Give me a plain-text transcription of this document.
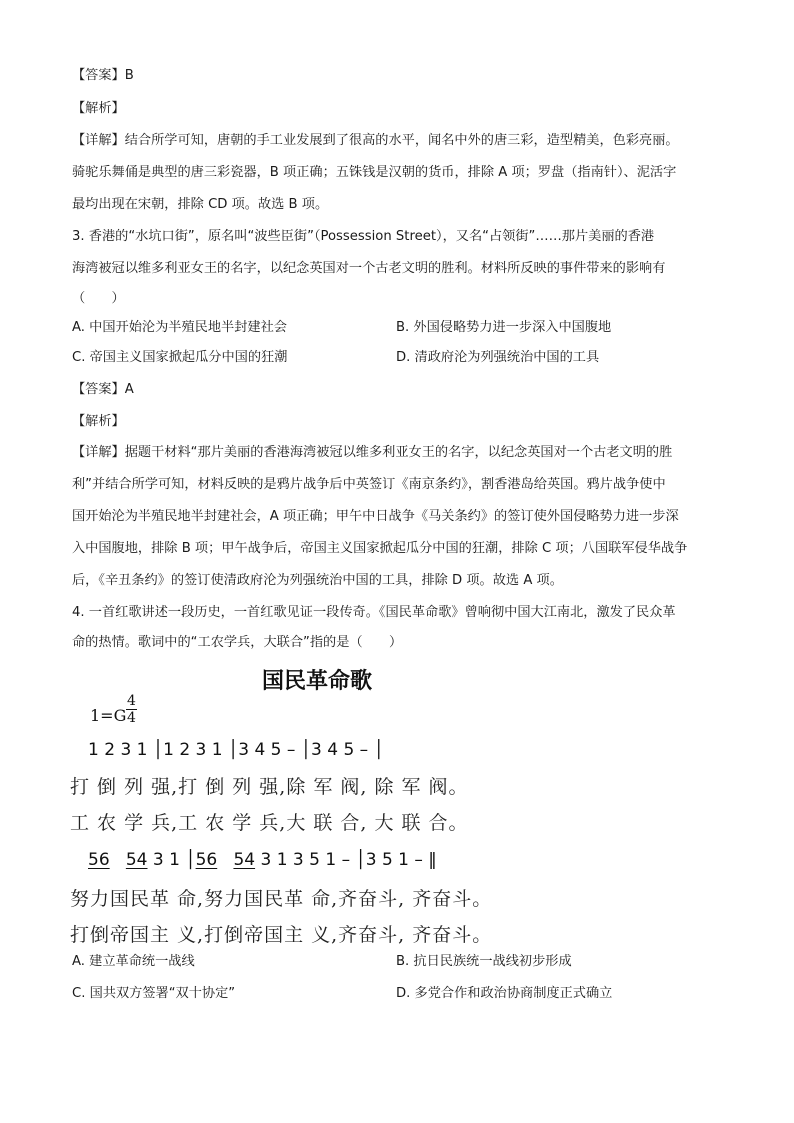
【答案】B
【解析】
【详解】结合所学可知，唐朝的手工业发展到了很高的水平，闻名中外的唐三彩，造型精美，色彩亮丽。
骑驼乐舞俑是典型的唐三彩瓷器，B 项正确；五铢钱是汉朝的货币，排除 A 项；罗盘（指南针）、泥活字
最均出现在宋朝，排除 CD 项。故选 B 项。
3. 香港的“水坑口街”，原名叫“波些臣街”（Possession Street），又名“占领街”……那片美丽的香港
海湾被冠以维多利亚女王的名字，以纪念英国对一个古老文明的胜利。材料所反映的事件带来的影响有
（　　）
A. 中国开始沦为半殖民地半封建社会	B. 外国侵略势力进一步深入中国腹地
C. 帝国主义国家掀起瓜分中国的狂潮	D. 清政府沦为列强统治中国的工具
【答案】A
【解析】
【详解】据题干材料“那片美丽的香港海湾被冠以维多利亚女王的名字，以纪念英国对一个古老文明的胜
利”并结合所学可知，材料反映的是鸦片战争后中英签订《南京条约》，割香港岛给英国。鸦片战争使中
国开始沦为半殖民地半封建社会，A 项正确；甲午中日战争《马关条约》的签订使外国侵略势力进一步深
入中国腹地，排除 B 项；甲午战争后，帝国主义国家掀起瓜分中国的狂潮，排除 C 项；八国联军侵华战争
后，《辛丑条约》的签订使清政府沦为列强统治中国的工具，排除 D 项。故选 A 项。
4. 一首红歌讲述一段历史，一首红歌见证一段传奇。《国民革命歌》曾响彻中国大江南北，激发了民众革
命的热情。歌词中的“工农学兵，大联合”指的是（　　）
国民革命歌
1=G
4
4
1 2 3 1 │1 2 3 1 │3 4 5 – │3 4 5 – │
打 倒 列 强,打 倒 列 强,除 军 阀, 除 军 阀。
工 农 学 兵,工 农 学 兵,大 联 合, 大 联 合。
56 54 3 1 │56 54 3 1 3 5 1 – │3 5 1 – ‖
努力国民革 命,努力国民革 命,齐奋斗, 齐奋斗。
打倒帝国主 义,打倒帝国主 义,齐奋斗, 齐奋斗。
A. 建立革命统一战线	B. 抗日民族统一战线初步形成
C. 国共双方签署“双十协定”	D. 多党合作和政治协商制度正式确立
